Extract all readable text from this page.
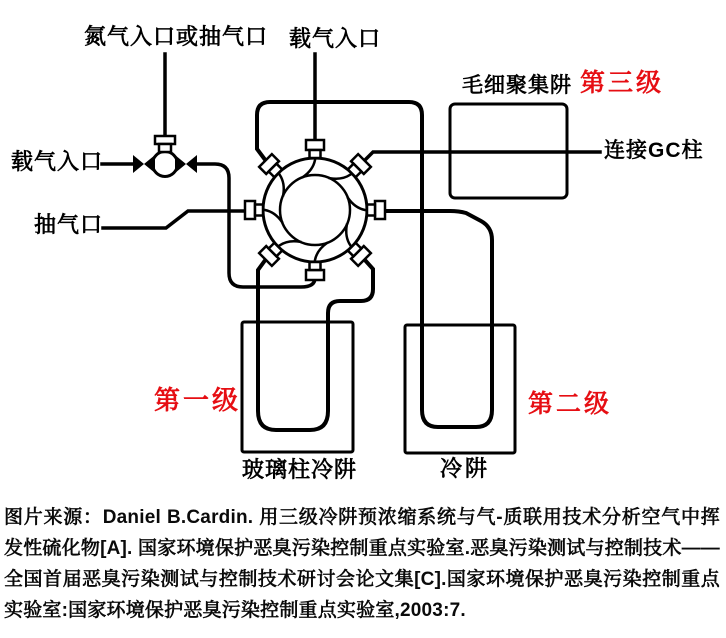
氮气入口或抽气口 载气入口
载气入口
抽气口
毛细聚集阱 第三级
连接GC柱
第一级	第二级
玻璃柱冷阱	冷阱
图片来源：Daniel B.Cardin. 用三级冷阱预浓缩系统与气-质联用技术分析空气中挥发性硫化物[A]. 国家环境保护恶臭污染控制重点实验室.恶臭污染测试与控制技术——全国首届恶臭污染测试与控制技术研讨会论文集[C].国家环境保护恶臭污染控制重点实验室:国家环境保护恶臭污染控制重点实验室,2003:7.
